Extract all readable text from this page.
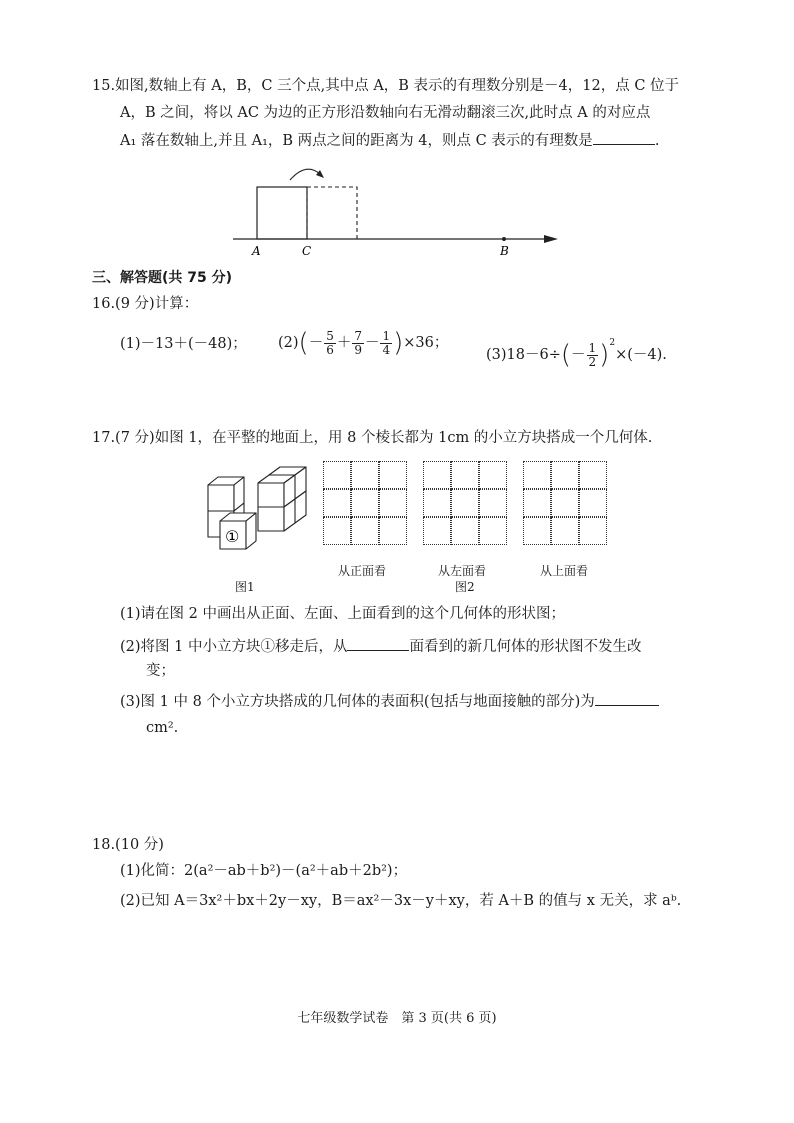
15.如图,数轴上有 A，B，C 三个点,其中点 A，B 表示的有理数分别是－4，12，点 C 位于
A，B 之间，将以 AC 为边的正方形沿数轴向右无滑动翻滚三次,此时点 A 的对应点
A₁ 落在数轴上,并且 A₁，B 两点之间的距离为 4，则点 C 表示的有理数是	.
A	C	B
三、解答题(共 75 分)
16.(9 分)计算：
(1)－13＋(－48)； $(2)(- \frac{5}{6} + \frac{7}{9} - \frac{1}{4} )\times 36$；
$(3)18-6\div(- \frac{1}{2} )^2\times(-4)$.
17.(7 分)如图 1，在平整的地面上，用 8 个棱长都为 1cm 的小立方块搭成一个几何体.
①
图1
从正面看	从左面看	从上面看
图2
(1)请在图 2 中画出从正面、左面、上面看到的这个几何体的形状图；
(2)将图 1 中小立方块①移走后，从	面看到的新几何体的形状图不发生改
变；
(3)图 1 中 8 个小立方块搭成的几何体的表面积(包括与地面接触的部分)为
cm².
18.(10 分)
(1)化简：2(a²－ab＋b²)－(a²＋ab＋2b²)；
(2)已知 A＝3x²＋bx＋2y－xy，B＝ax²－3x－y＋xy，若 A＋B 的值与 x 无关，求 aᵇ.
七年级数学试卷　第 3 页(共 6 页)
